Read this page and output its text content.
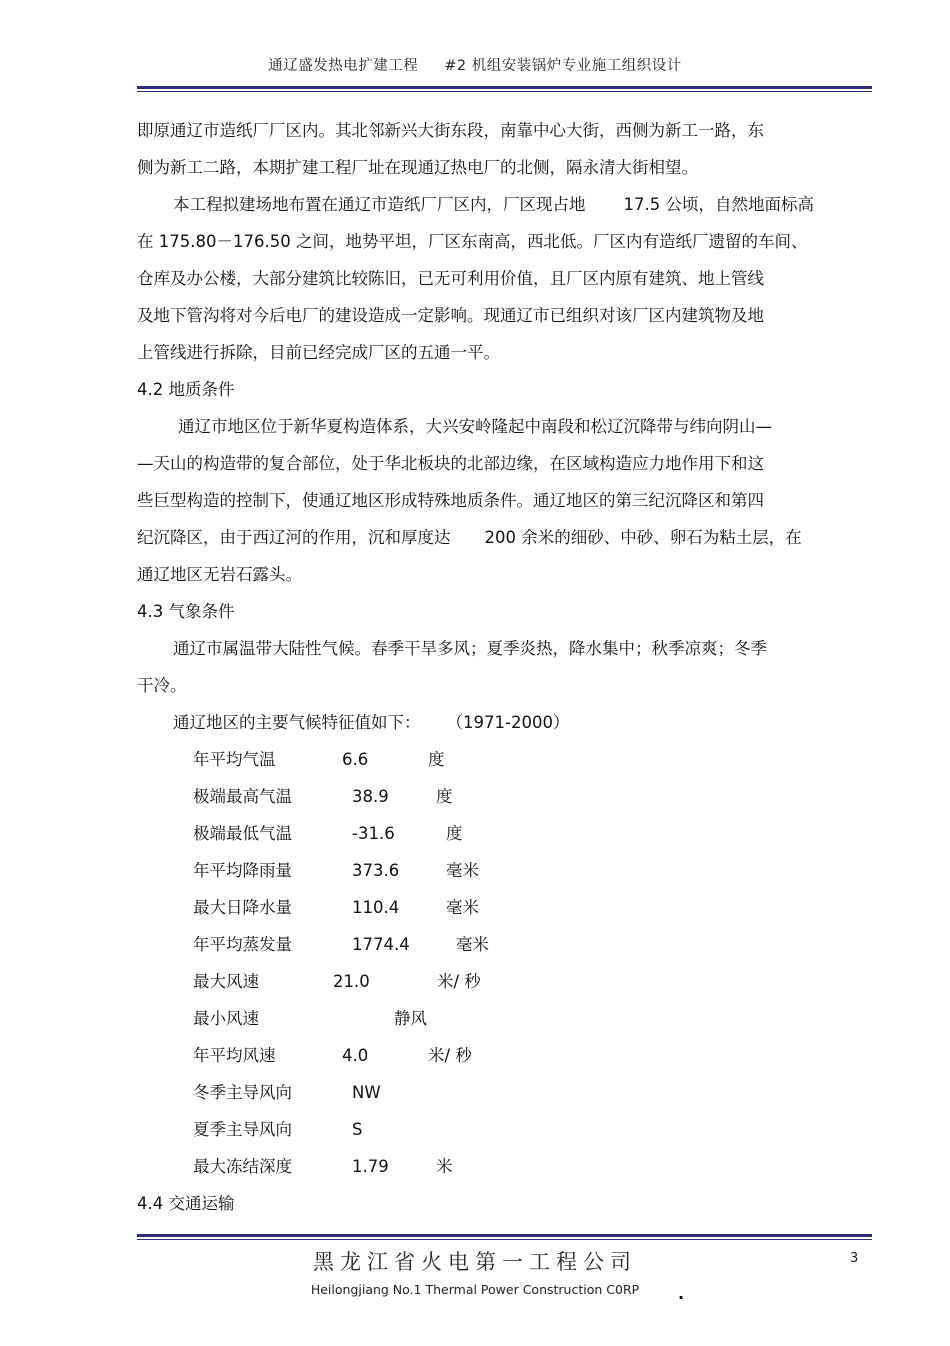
通辽盛发热电扩建工程 #2 机组安装锅炉专业施工组织设计
即原通辽市造纸厂厂区内。其北邻新兴大街东段，南靠中心大街，西侧为新工一路，东
侧为新工二路，本期扩建工程厂址在现通辽热电厂的北侧，隔永清大街相望。
本工程拟建场地布置在通辽市造纸厂厂区内，厂区现占地 17.5 公顷，自然地面标高
在 175.80－176.50 之间，地势平坦，厂区东南高，西北低。厂区内有造纸厂遗留的车间、
仓库及办公楼，大部分建筑比较陈旧，已无可利用价值，且厂区内原有建筑、地上管线
及地下管沟将对今后电厂的建设造成一定影响。现通辽市已组织对该厂区内建筑物及地
上管线进行拆除，目前已经完成厂区的五通一平。
4.2 地质条件
通辽市地区位于新华夏构造体系，大兴安岭隆起中南段和松辽沉降带与纬向阴山—
—天山的构造带的复合部位，处于华北板块的北部边缘，在区域构造应力地作用下和这
些巨型构造的控制下，使通辽地区形成特殊地质条件。通辽地区的第三纪沉降区和第四
纪沉降区，由于西辽河的作用，沉和厚度达 200 余米的细砂、中砂、卵石为粘土层，在
通辽地区无岩石露头。
4.3 气象条件
通辽市属温带大陆性气候。春季干旱多风；夏季炎热，降水集中；秋季凉爽；冬季
干冷。
通辽地区的主要气候特征值如下： （1971-2000）
年平均气温	6.6	度
极端最高气温	38.9	度
极端最低气温	-31.6	度
年平均降雨量	373.6	毫米
最大日降水量	110.4	毫米
年平均蒸发量	1774.4	毫米
最大风速	21.0	米/ 秒
最小风速	静风
年平均风速	4.0	米/ 秒
冬季主导风向	NW
夏季主导风向	S
最大冻结深度	1.79	米
4.4 交通运输
黑龙江省火电第一工程公司
Heilongjiang No.1 Thermal Power Construction C0RP
3
.
